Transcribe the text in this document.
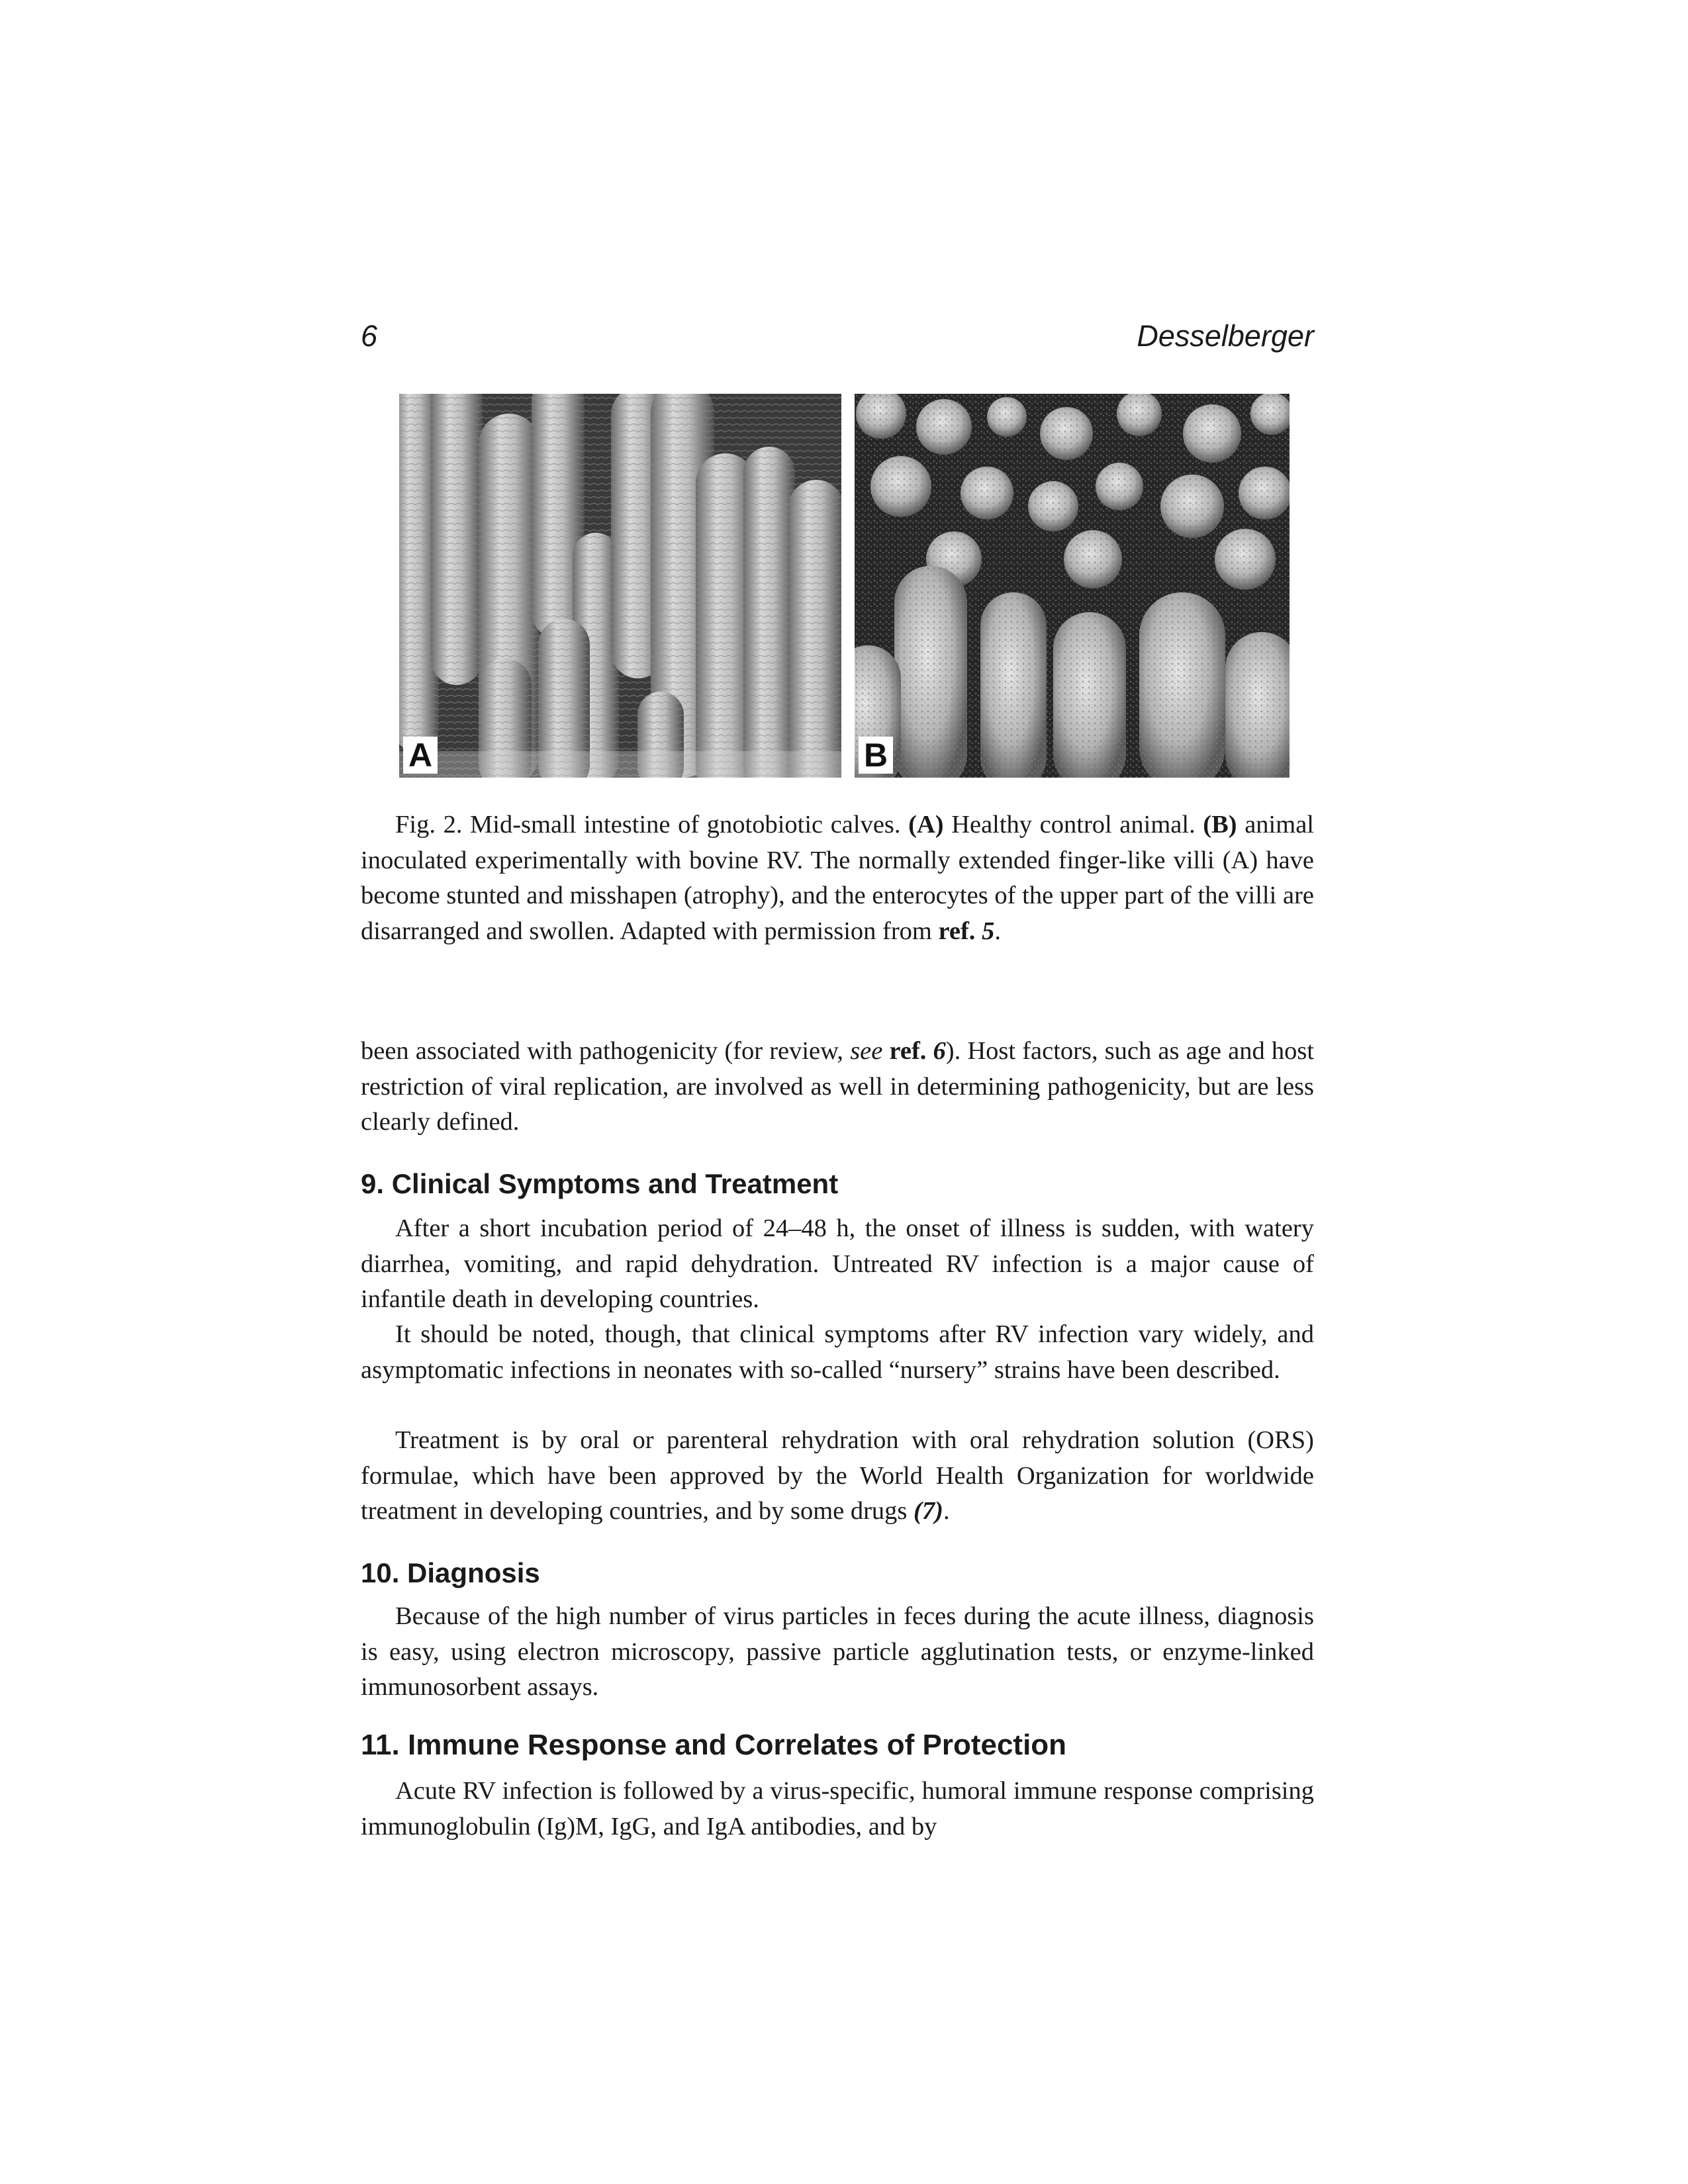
6	Desselberger
A	B

Fig. 2. Mid-small intestine of gnotobiotic calves. (A) Healthy control animal. (B) animal inoculated experimentally with bovine RV. The normally extended finger-like villi (A) have become stunted and misshapen (atrophy), and the enterocytes of the upper part of the villi are disarranged and swollen. Adapted with permission from ref. 5.

been associated with pathogenicity (for review, see ref. 6). Host factors, such as age and host restriction of viral replication, are involved as well in determining pathogenicity, but are less clearly defined.

9. Clinical Symptoms and Treatment

After a short incubation period of 24–48 h, the onset of illness is sudden, with watery diarrhea, vomiting, and rapid dehydration. Untreated RV infection is a major cause of infantile death in developing countries.

It should be noted, though, that clinical symptoms after RV infection vary widely, and asymptomatic infections in neonates with so-called “nursery” strains have been described.

Treatment is by oral or parenteral rehydration with oral rehydration solution (ORS) formulae, which have been approved by the World Health Organization for worldwide treatment in developing countries, and by some drugs (7).

10. Diagnosis

Because of the high number of virus particles in feces during the acute illness, diagnosis is easy, using electron microscopy, passive particle agglutination tests, or enzyme-linked immunosorbent assays.

11. Immune Response and Correlates of Protection

Acute RV infection is followed by a virus-specific, humoral immune response comprising immunoglobulin (Ig)M, IgG, and IgA antibodies, and by
